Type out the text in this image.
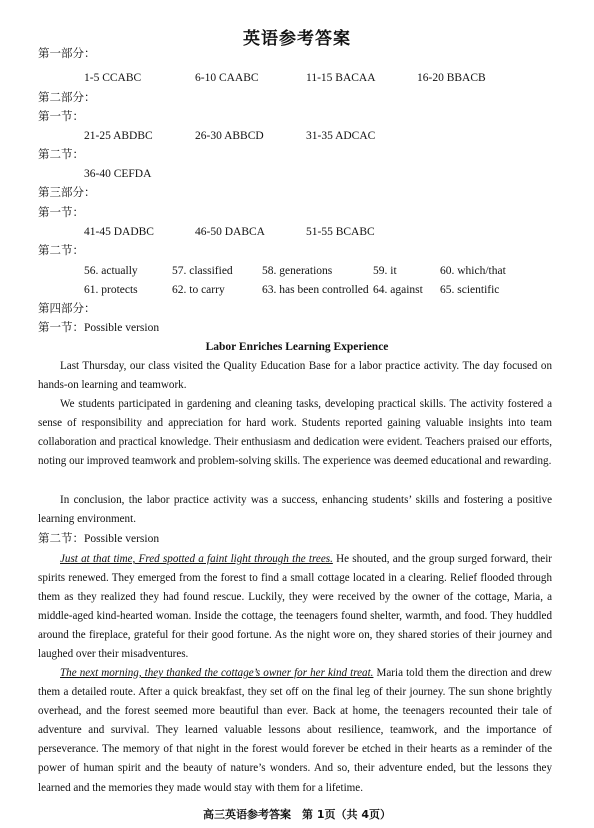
英语参考答案
第一部分：
1-5 CCABC	6-10 CAABC	11-15 BACAA	16-20 BBACB
第二部分：
第一节：
21-25 ABDBC	26-30 ABBCD	31-35 ADCAC
第二节：
36-40 CEFDA
第三部分：
第一节：
41-45 DADBC	46-50 DABCA	51-55 BCABC
第二节：
56. actually	57. classified	58. generations	59. it	60. which/that
61. protects	62. to carry	63. has been controlled 64. against 65. scientific
第四部分：
第一节：Possible version
Labor Enriches Learning Experience

Last Thursday, our class visited the Quality Education Base for a labor practice activity. The day focused on hands-on learning and teamwork.

We students participated in gardening and cleaning tasks, developing practical skills. The activity fostered a sense of responsibility and appreciation for hard work. Students reported gaining valuable insights into team collaboration and practical knowledge. Their enthusiasm and dedication were evident. Teachers praised our efforts, noting our improved teamwork and problem-solving skills. The experience was deemed educational and rewarding.

In conclusion, the labor practice activity was a success, enhancing students’ skills and fostering a positive learning environment.

第二节：Possible version

Just at that time, Fred spotted a faint light through the trees. He shouted, and the group surged forward, their spirits renewed. They emerged from the forest to find a small cottage located in a clearing. Relief flooded through them as they realized they had found rescue. Luckily, they were received by the owner of the cottage, Maria, a middle-aged kind-hearted woman. Inside the cottage, the teenagers found shelter, warmth, and food. They huddled around the fireplace, grateful for their good fortune. As the night wore on, they shared stories of their journey and laughed over their misadventures.

The next morning, they thanked the cottage’s owner for her kind treat. Maria told them the direction and drew them a detailed route. After a quick breakfast, they set off on the final leg of their journey. The sun shone brightly overhead, and the forest seemed more beautiful than ever. Back at home, the teenagers recounted their tale of adventure and survival. They learned valuable lessons about resilience, teamwork, and the importance of perseverance. The memory of that night in the forest would forever be etched in their hearts as a reminder of the power of human spirit and the beauty of nature’s wonders. And so, their adventure ended, but the lessons they learned and the memories they made would stay with them for a lifetime.

高三英语参考答案　第 1页（共 4页）
